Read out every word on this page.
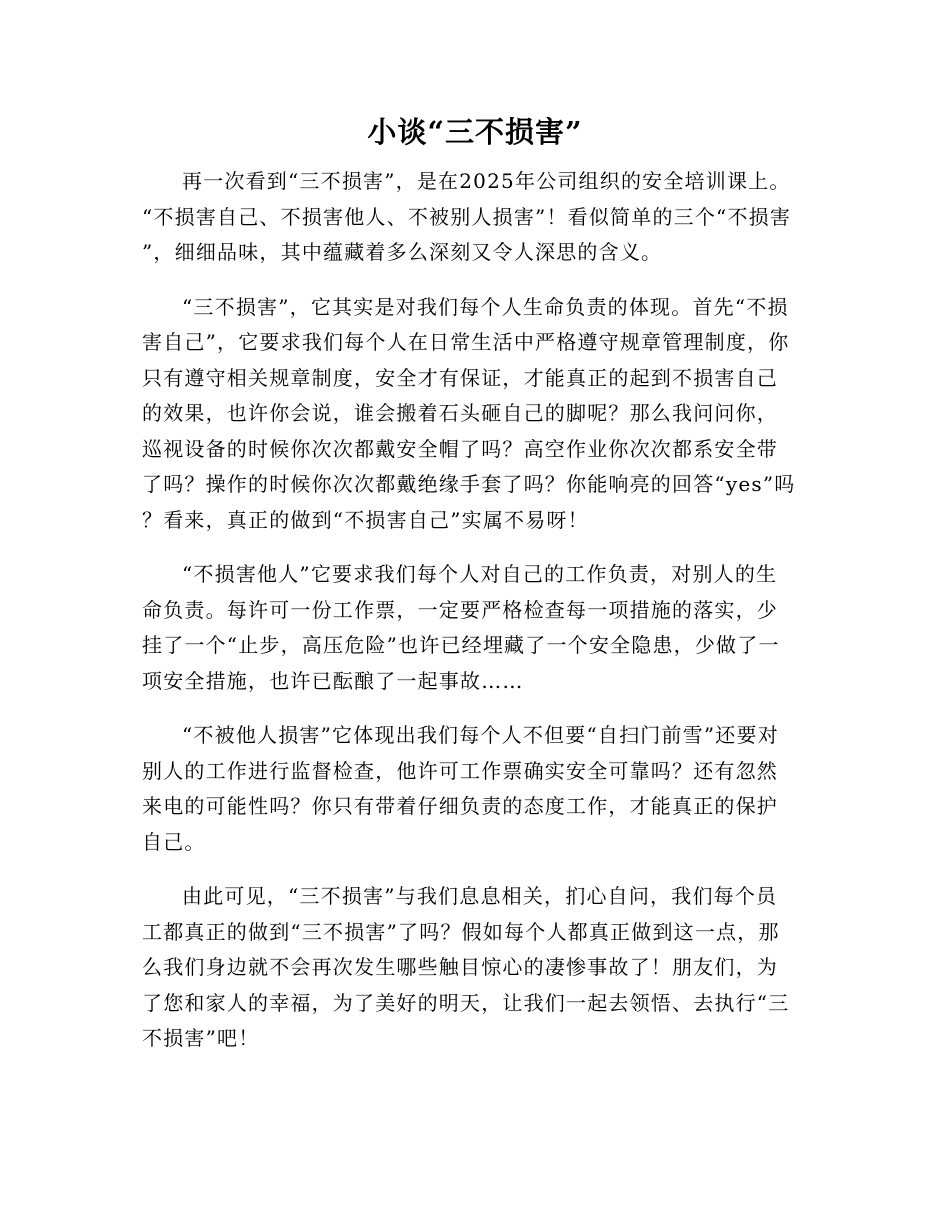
小谈“三不损害”

再一次看到“三不损害”，是在2025年公司组织的安全培训课上。“不损害自己、不损害他人、不被别人损害”！看似简单的三个“不损害”，细细品味，其中蕴藏着多么深刻又令人深思的含义。

“三不损害”，它其实是对我们每个人生命负责的体现。首先“不损害自己”，它要求我们每个人在日常生活中严格遵守规章管理制度，你只有遵守相关规章制度，安全才有保证，才能真正的起到不损害自己的效果，也许你会说，谁会搬着石头砸自己的脚呢？那么我问问你，巡视设备的时候你次次都戴安全帽了吗？高空作业你次次都系安全带了吗？操作的时候你次次都戴绝缘手套了吗？你能响亮的回答“yes”吗？看来，真正的做到“不损害自己”实属不易呀！

“不损害他人”它要求我们每个人对自己的工作负责，对别人的生命负责。每许可一份工作票，一定要严格检查每一项措施的落实，少挂了一个“止步，高压危险”也许已经埋藏了一个安全隐患，少做了一项安全措施，也许已酝酿了一起事故……

“不被他人损害”它体现出我们每个人不但要“自扫门前雪”还要对别人的工作进行监督检查，他许可工作票确实安全可靠吗？还有忽然来电的可能性吗？你只有带着仔细负责的态度工作，才能真正的保护自己。

由此可见，“三不损害”与我们息息相关，扪心自问，我们每个员工都真正的做到“三不损害”了吗？假如每个人都真正做到这一点，那么我们身边就不会再次发生哪些触目惊心的凄惨事故了！朋友们，为了您和家人的幸福，为了美好的明天，让我们一起去领悟、去执行“三不损害”吧！
